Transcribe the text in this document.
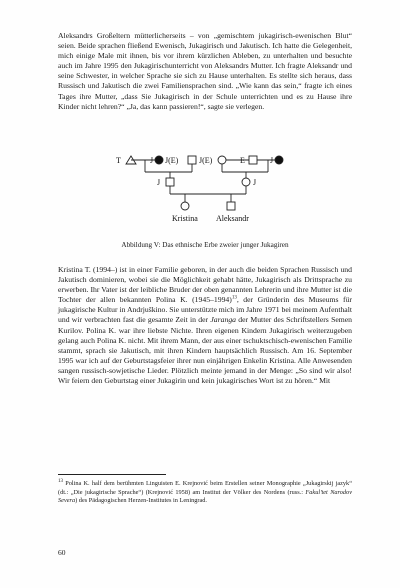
Aleksandrs Großeltern mütterlicherseits – von „gemischtem jukagirisch-ewenischen Blut“ seien. Beide sprachen fließend Ewenisch, Jukagirisch und Jakutisch. Ich hatte die Gelegenheit, mich einige Male mit ihnen, bis vor ihrem kürzlichen Ableben, zu unterhalten und besuchte auch im Jahre 1995 den Jukagirischunterricht von Aleksandrs Mutter. Ich fragte Aleksandr und seine Schwester, in welcher Sprache sie sich zu Hause unterhalten. Es stellte sich heraus, dass Russisch und Jakutisch die zwei Familiensprachen sind. „Wie kann das sein,“ fragte ich eines Tages ihre Mutter, „dass Sie Jukagirisch in der Schule unterrichten und es zu Hause ihre Kinder nicht lehren?“ „Ja, das kann passieren!“, sagte sie verlegen.

T	J J(E)	J(E)	E	J
J	J
Kristina Aleksandr

Abbildung V: Das ethnische Erbe zweier junger Jukagiren

Kristina T. (1994–) ist in einer Familie geboren, in der auch die beiden Sprachen Russisch und Jakutisch dominieren, wobei sie die Möglichkeit gehabt hätte, Jukagirisch als Drittsprache zu erwerben. Ihr Vater ist der leibliche Bruder der oben genannten Lehrerin und ihre Mutter ist die Tochter der allen bekannten Polina K. (1945–1994)$^{13}$, der Gründerin des Museums für jukagirische Kultur in Andrjuškino. Sie unterstützte mich im Jahre 1971 bei meinem Aufenthalt und wir verbrachten fast die gesamte Zeit in der Jaranga der Mutter des Schriftstellers Semen Kurilov. Polina K. war ihre liebste Nichte. Ihren eigenen Kindern Jukagirisch weiterzugeben gelang auch Polina K. nicht. Mit ihrem Mann, der aus einer tschuktschisch-ewenischen Familie stammt, sprach sie Jakutisch, mit ihren Kindern hauptsächlich Russisch. Am 16. September 1995 war ich auf der Geburtstagsfeier ihrer nun einjährigen Enkelin Kristina. Alle Anwesenden sangen russisch-sowjetische Lieder. Plötzlich meinte jemand in der Menge: „So sind wir also! Wir feiern den Geburtstag einer Jukagirin und kein jukagirisches Wort ist zu hören.“ Mit

$^{13}$ Polina K. half dem berühmten Linguisten E. Krejnović beim Erstellen seiner Monographie „Jukagirskij jazyk“ (dt.: „Die jukagirische Sprache“) (Krejnović 1958) am Institut der Völker des Nordens (russ.: Fakul’tet Narodov Severa) des Pädagogischen Herzen-Institutes in Leningrad.

60
